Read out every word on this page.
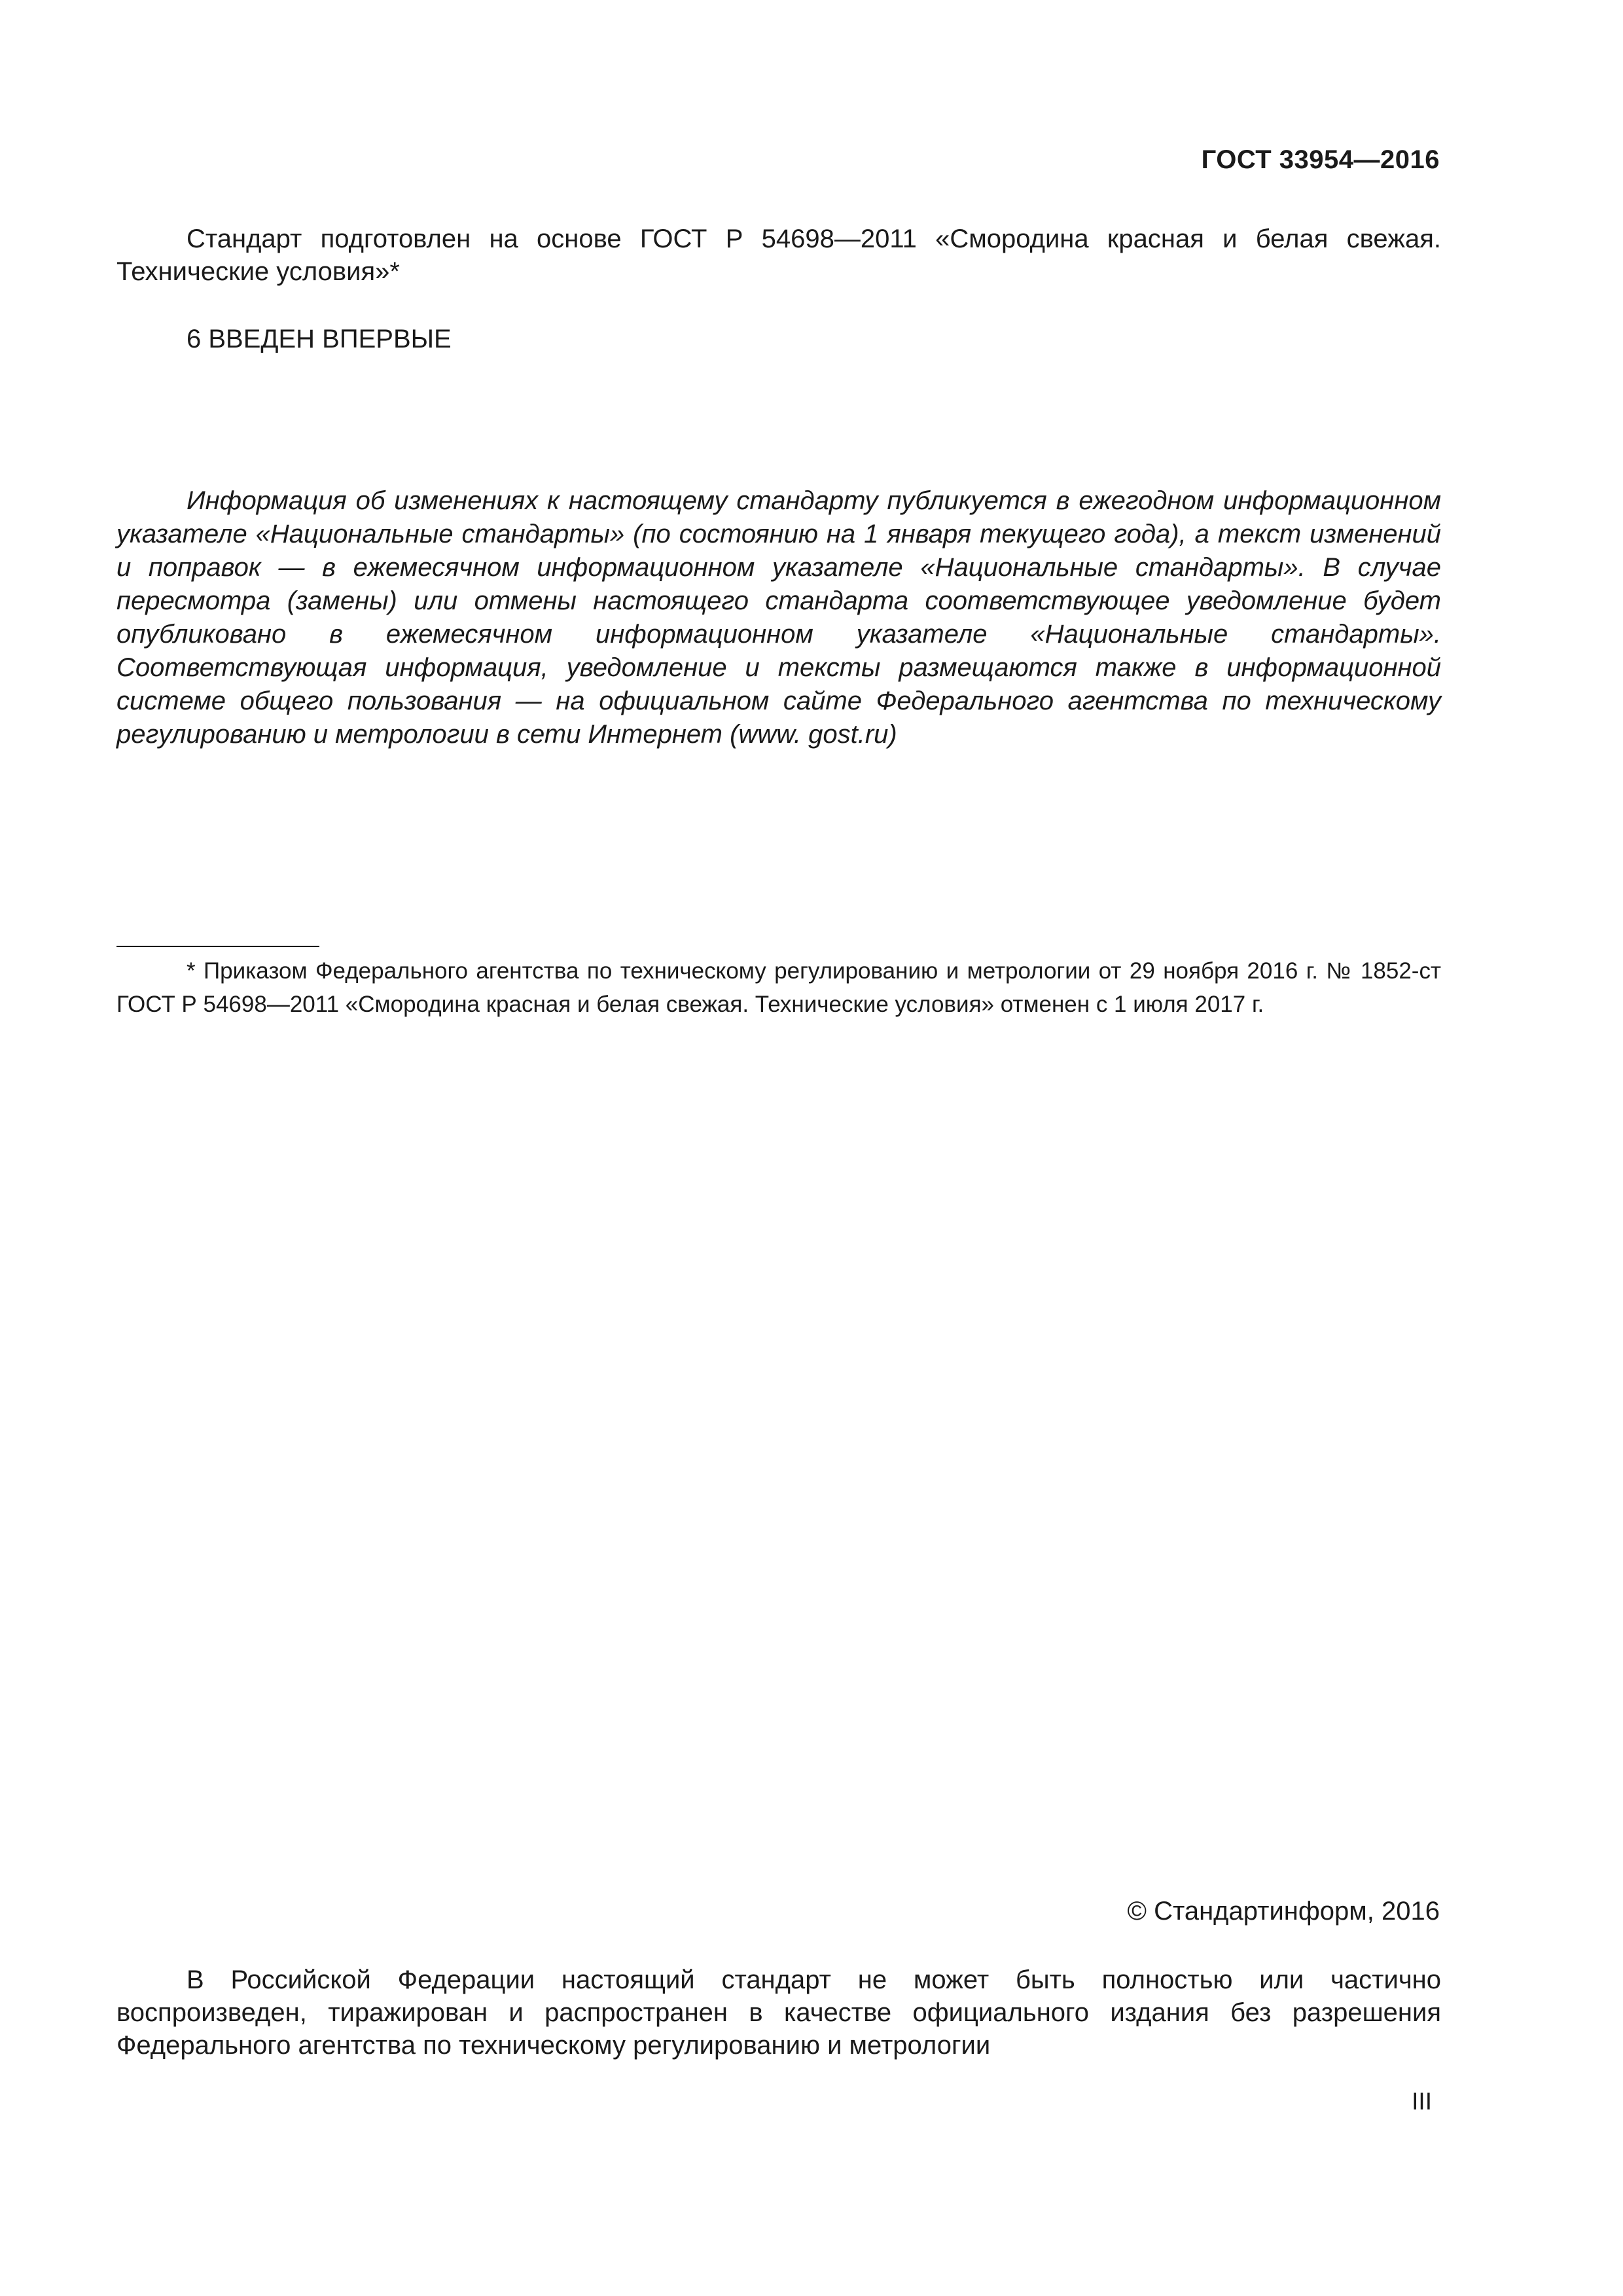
ГОСТ 33954—2016

Стандарт подготовлен на основе ГОСТ Р 54698—2011 «Смородина красная и белая свежая. Технические условия»*

6 ВВЕДЕН ВПЕРВЫЕ

Информация об изменениях к настоящему стандарту публикуется в ежегодном информационном указателе «Национальные стандарты» (по состоянию на 1 января текущего года), а текст изменений и поправок — в ежемесячном информационном указателе «Национальные стандарты». В случае пересмотра (замены) или отмены настоящего стандарта соответствующее уведомление будет опубликовано в ежемесячном информационном указателе «Национальные стандарты». Соответствующая информация, уведомление и тексты размещаются также в информационной системе общего пользования — на официальном сайте Федерального агентства по техническому регулированию и метрологии в сети Интернет (www. gost.ru)

* Приказом Федерального агентства по техническому регулированию и метрологии от 29 ноября 2016 г. № 1852-ст ГОСТ Р 54698—2011 «Смородина красная и белая свежая. Технические условия» отменен с 1 июля 2017 г.

© Стандартинформ, 2016

В Российской Федерации настоящий стандарт не может быть полностью или частично воспроизведен, тиражирован и распространен в качестве официального издания без разрешения Федерального агентства по техническому регулированию и метрологии

III
